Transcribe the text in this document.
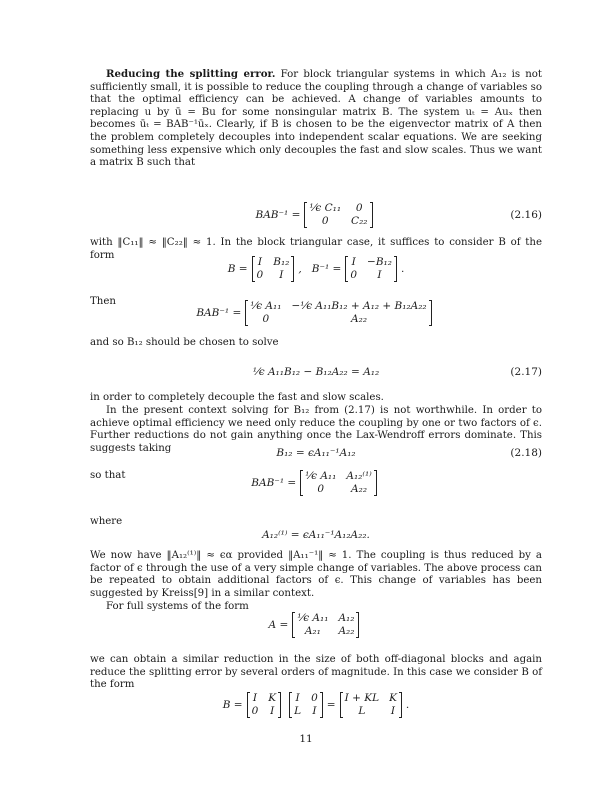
Reducing the splitting error. For block triangular systems in which A₁₂ is not sufficiently small, it is possible to reduce the coupling through a change of variables so that the optimal efficiency can be achieved. A change of variables amounts to replacing u by ū = Bu for some nonsingular matrix B. The system uₜ = Auₓ then becomes ūₜ = BAB⁻¹ūₓ. Clearly, if B is chosen to be the eigenvector matrix of A then the problem completely decouples into independent scalar equations. We are seeking something less expensive which only decouples the fast and slow scales. Thus we want a matrix B such that
BAB⁻¹ =
¹⁄ϵ C₁₁	0
0	C₂₂	(2.16)
with ‖C₁₁‖ ≈ ‖C₂₂‖ ≈ 1. In the block triangular case, it suffices to consider B of the form
B =
I B₁₂
0	I	,   B⁻¹ =
I −B₁₂
0	I	.
Then
BAB⁻¹ =
¹⁄ϵ A₁₁ −¹⁄ϵ A₁₁B₁₂ + A₁₂ + B₁₂A₂₂
0	A₂₂
and so B₁₂ should be chosen to solve
¹⁄ϵ A₁₁B₁₂ − B₁₂A₂₂ = A₁₂	(2.17)
in order to completely decouple the fast and slow scales.
In the present context solving for B₁₂ from (2.17) is not worthwhile. In order to achieve optimal efficiency we need only reduce the coupling by one or two factors of ϵ. Further reductions do not gain anything once the Lax-Wendroff errors dominate. This suggests taking	B₁₂ = ϵA₁₁⁻¹A₁₂	(2.18)
so that
BAB⁻¹ =
¹⁄ϵ A₁₁ A₁₂⁽¹⁾
0	A₂₂
where
A₁₂⁽¹⁾ = ϵA₁₁⁻¹A₁₂A₂₂.
We now have ‖A₁₂⁽¹⁾‖ ≈ ϵα provided ‖A₁₁⁻¹‖ ≈ 1. The coupling is thus reduced by a factor of ϵ through the use of a very simple change of variables. The above process can be repeated to obtain additional factors of ϵ. This change of variables has been suggested by Kreiss[9] in a similar context.
For full systems of the form
A =
¹⁄ϵ A₁₁ A₁₂
A₂₁	A₂₂
we can obtain a similar reduction in the size of both off-diagonal blocks and again reduce the splitting error by several orders of magnitude. In this case we consider B of the form
B =
I K
0 I
I 0
L I =
I + KL K
L	I .
11
